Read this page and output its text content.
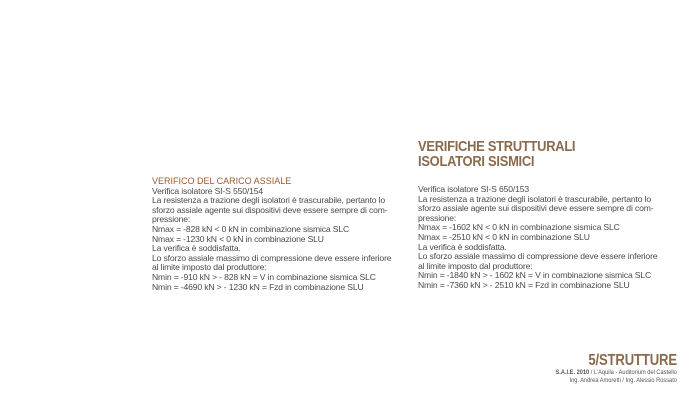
VERIFICHE STRUTTURALI
ISOLATORI SISMICI

VERIFICO DEL CARICO ASSIALE

Verifica isolatore SI-S 550/154

La resistenza a trazione degli isolatori è trascurabile, pertanto lo

sforzo assiale agente sui dispositivi deve essere sempre di com-

pressione:

Nmax = -828 kN < 0 kN in combinazione sismica SLC

Nmax = -1230 kN < 0 kN in combinazione SLU

La verifica è soddisfatta.

Lo sforzo assiale massimo di compressione deve essere inferiore

al limite imposto dal produttore:

Nmin = -910 kN > - 828 kN = V in combinazione sismica SLC

Nmin = -4690 kN > - 1230 kN = Fzd in combinazione SLU

Verifica isolatore SI-S 650/153

La resistenza a trazione degli isolatori è trascurabile, pertanto lo

sforzo assiale agente sui dispositivi deve essere sempre di com-

pressione:

Nmax = -1602 kN < 0 kN in combinazione sismica SLC

Nmax = -2510 kN < 0 kN in combinazione SLU

La verifica è soddisfatta.

Lo sforzo assiale massimo di compressione deve essere inferiore

al limite imposto dal produttore:

Nmin = -1840 kN > - 1602 kN = V in combinazione sismica SLC

Nmin = -7360 kN > - 2510 kN = Fzd in combinazione SLU

5/STRUTTURE
S.A.I.E. 2010 / L'Aquila - Auditorium del Castello
Ing. Andrea Amoretti / Ing. Alessio Rossato
